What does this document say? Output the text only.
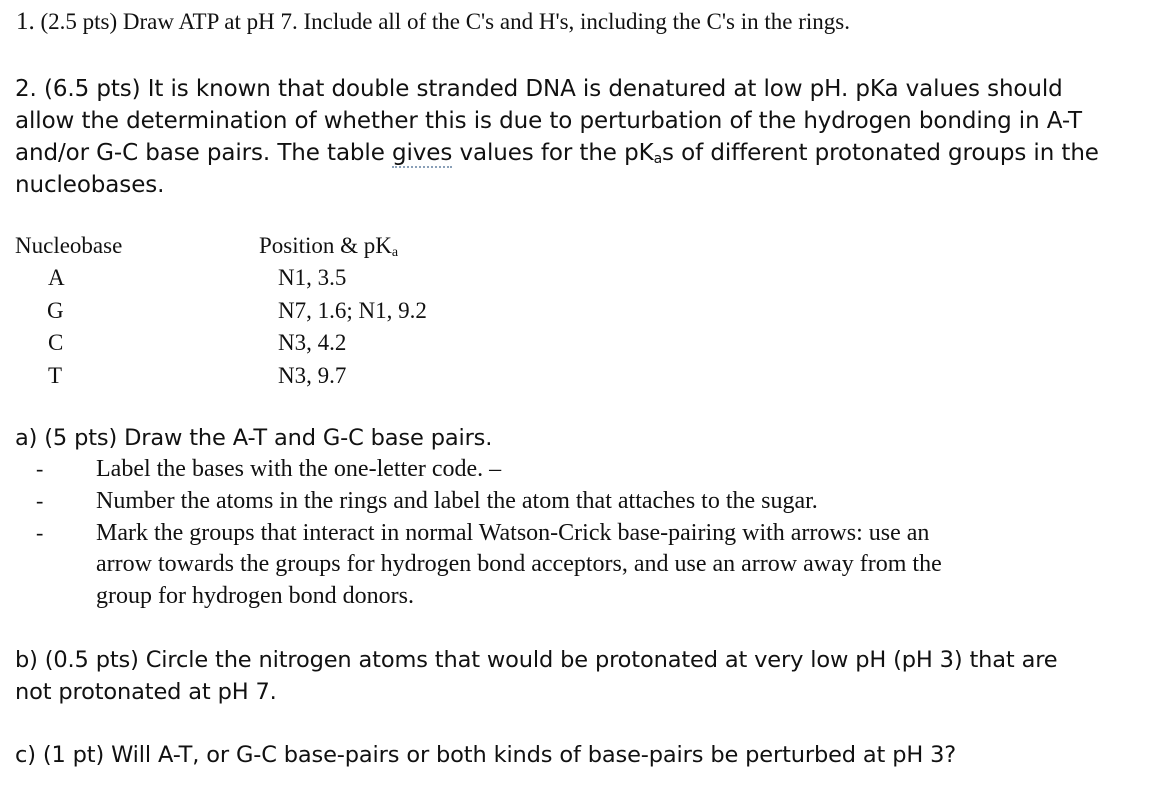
1. (2.5 pts) Draw ATP at pH 7. Include all of the C's and H's, including the C's in the rings.

2. (6.5 pts) It is known that double stranded DNA is denatured at low pH. pKa values should

allow the determination of whether this is due to perturbation of the hydrogen bonding in A-T

and/or G-C base pairs. The table gives values for the $pK_as$ of different protonated groups in the

nucleobases.

Nucleobase	Position & $pK_a$
A	N1, 3.5
G	N7, 1.6; N1, 9.2
C	N3, 4.2
T	N3, 9.7

a) (5 pts) Draw the A-T and G-C base pairs.

- Label the bases with the one-letter code. –

- Number the atoms in the rings and label the atom that attaches to the sugar.

- Mark the groups that interact in normal Watson-Crick base-pairing with arrows: use an

arrow towards the groups for hydrogen bond acceptors, and use an arrow away from the

group for hydrogen bond donors.

b) (0.5 pts) Circle the nitrogen atoms that would be protonated at very low pH (pH 3) that are

not protonated at pH 7.

c) (1 pt) Will A-T, or G-C base-pairs or both kinds of base-pairs be perturbed at pH 3?
